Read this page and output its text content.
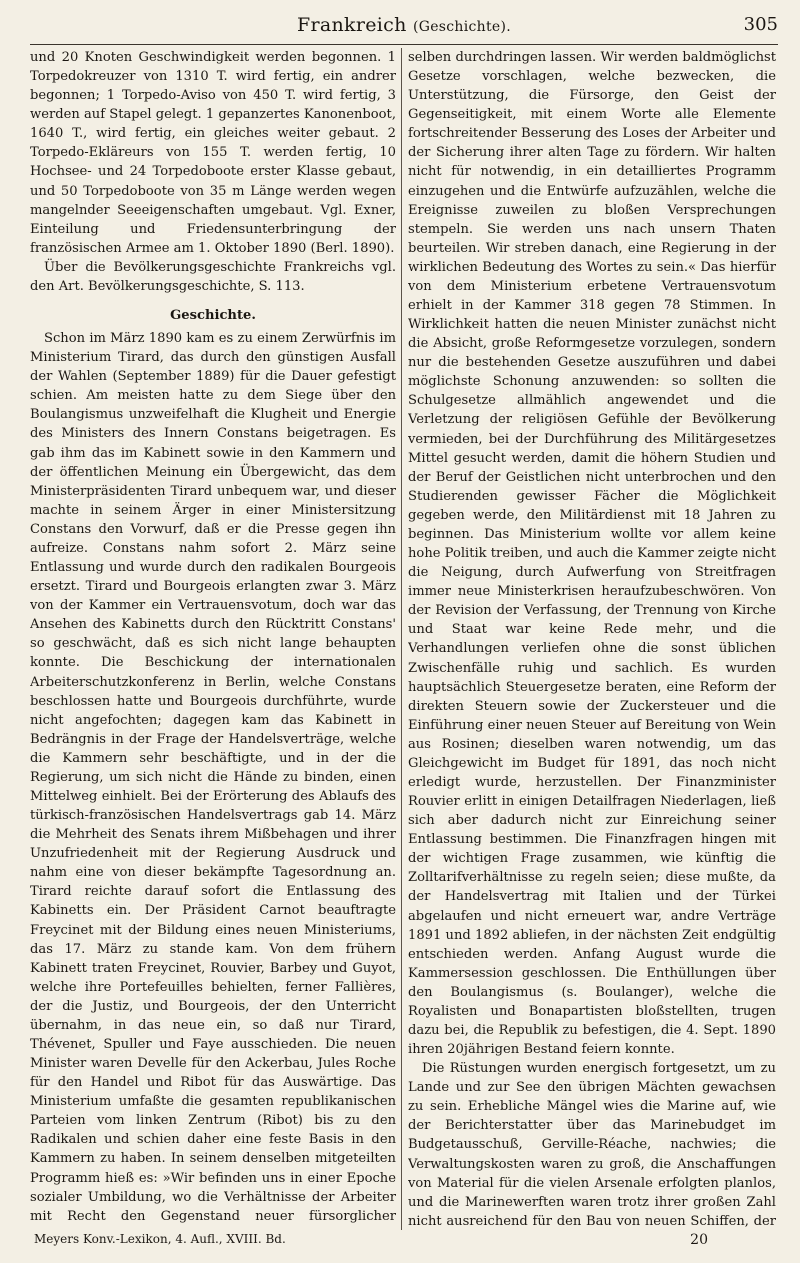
Frankreich (Geschichte).	305

und 20 Knoten Geschwindigkeit werden begonnen. 1 Torpedokreuzer von 1310 T. wird fertig, ein andrer begonnen; 1 Torpedo-Aviso von 450 T. wird fertig, 3 werden auf Stapel gelegt. 1 gepanzertes Kanonenboot, 1640 T., wird fertig, ein gleiches weiter gebaut. 2 Torpedo-Ekläreurs von 155 T. werden fertig, 10 Hochsee- und 24 Torpedoboote erster Klasse gebaut, und 50 Torpedoboote von 35 m Länge werden wegen mangelnder Seeeigenschaften umgebaut. Vgl. Exner, Einteilung und Friedensunterbringung der französischen Armee am 1. Oktober 1890 (Berl. 1890).

Über die Bevölkerungsgeschichte Frankreichs vgl. den Art. Bevölkerungsgeschichte, S. 113.

Geschichte.

Schon im März 1890 kam es zu einem Zerwürfnis im Ministerium Tirard, das durch den günstigen Ausfall der Wahlen (September 1889) für die Dauer gefestigt schien. Am meisten hatte zu dem Siege über den Boulangismus unzweifelhaft die Klugheit und Energie des Ministers des Innern Constans beigetragen. Es gab ihm das im Kabinett sowie in den Kammern und der öffentlichen Meinung ein Übergewicht, das dem Ministerpräsidenten Tirard unbequem war, und dieser machte in seinem Ärger in einer Ministersitzung Constans den Vorwurf, daß er die Presse gegen ihn aufreize. Constans nahm sofort 2. März seine Entlassung und wurde durch den radikalen Bourgeois ersetzt. Tirard und Bourgeois erlangten zwar 3. März von der Kammer ein Vertrauensvotum, doch war das Ansehen des Kabinetts durch den Rücktritt Constans' so geschwächt, daß es sich nicht lange behaupten konnte. Die Beschickung der internationalen Arbeiterschutzkonferenz in Berlin, welche Constans beschlossen hatte und Bourgeois durchführte, wurde nicht angefochten; dagegen kam das Kabinett in Bedrängnis in der Frage der Handelsverträge, welche die Kammern sehr beschäftigte, und in der die Regierung, um sich nicht die Hände zu binden, einen Mittelweg einhielt. Bei der Erörterung des Ablaufs des türkisch-französischen Handelsvertrags gab 14. März die Mehrheit des Senats ihrem Mißbehagen und ihrer Unzufriedenheit mit der Regierung Ausdruck und nahm eine von dieser bekämpfte Tagesordnung an. Tirard reichte darauf sofort die Entlassung des Kabinetts ein. Der Präsident Carnot beauftragte Freycinet mit der Bildung eines neuen Ministeriums, das 17. März zu stande kam. Von dem frühern Kabinett traten Freycinet, Rouvier, Barbey und Guyot, welche ihre Portefeuilles behielten, ferner Fallières, der die Justiz, und Bourgeois, der den Unterricht übernahm, in das neue ein, so daß nur Tirard, Thévenet, Spuller und Faye ausschieden. Die neuen Minister waren Develle für den Ackerbau, Jules Roche für den Handel und Ribot für das Auswärtige. Das Ministerium umfaßte die gesamten republikanischen Parteien vom linken Zentrum (Ribot) bis zu den Radikalen und schien daher eine feste Basis in den Kammern zu haben. In seinem denselben mitgeteilten Programm hieß es: »Wir befinden uns in einer Epoche sozialer Umbildung, wo die Verhältnisse der Arbeiter mit Recht den Gegenstand neuer fürsorglicher

selben durchdringen lassen. Wir werden baldmöglichst Gesetze vorschlagen, welche bezwecken, die Unterstützung, die Fürsorge, den Geist der Gegenseitigkeit, mit einem Worte alle Elemente fortschreitender Besserung des Loses der Arbeiter und der Sicherung ihrer alten Tage zu fördern. Wir halten nicht für notwendig, in ein detailliertes Programm einzugehen und die Entwürfe aufzuzählen, welche die Ereignisse zuweilen zu bloßen Versprechungen stempeln. Sie werden uns nach unsern Thaten beurteilen. Wir streben danach, eine Regierung in der wirklichen Bedeutung des Wortes zu sein.« Das hierfür von dem Ministerium erbetene Vertrauensvotum erhielt in der Kammer 318 gegen 78 Stimmen. In Wirklichkeit hatten die neuen Minister zunächst nicht die Absicht, große Reformgesetze vorzulegen, sondern nur die bestehenden Gesetze auszuführen und dabei möglichste Schonung anzuwenden: so sollten die Schulgesetze allmählich angewendet und die Verletzung der religiösen Gefühle der Bevölkerung vermieden, bei der Durchführung des Militärgesetzes Mittel gesucht werden, damit die höhern Studien und der Beruf der Geistlichen nicht unterbrochen und den Studierenden gewisser Fächer die Möglichkeit gegeben werde, den Militärdienst mit 18 Jahren zu beginnen. Das Ministerium wollte vor allem keine hohe Politik treiben, und auch die Kammer zeigte nicht die Neigung, durch Aufwerfung von Streitfragen immer neue Ministerkrisen heraufzubeschwören. Von der Revision der Verfassung, der Trennung von Kirche und Staat war keine Rede mehr, und die Verhandlungen verliefen ohne die sonst üblichen Zwischenfälle ruhig und sachlich. Es wurden hauptsächlich Steuergesetze beraten, eine Reform der direkten Steuern sowie der Zuckersteuer und die Einführung einer neuen Steuer auf Bereitung von Wein aus Rosinen; dieselben waren notwendig, um das Gleichgewicht im Budget für 1891, das noch nicht erledigt wurde, herzustellen. Der Finanzminister Rouvier erlitt in einigen Detailfragen Niederlagen, ließ sich aber dadurch nicht zur Einreichung seiner Entlassung bestimmen. Die Finanzfragen hingen mit der wichtigen Frage zusammen, wie künftig die Zolltarifverhältnisse zu regeln seien; diese mußte, da der Handelsvertrag mit Italien und der Türkei abgelaufen und nicht erneuert war, andre Verträge 1891 und 1892 abliefen, in der nächsten Zeit endgültig entschieden werden. Anfang August wurde die Kammersession geschlossen. Die Enthüllungen über den Boulangismus (s. Boulanger), welche die Royalisten und Bonapartisten bloßstellten, trugen dazu bei, die Republik zu befestigen, die 4. Sept. 1890 ihren 20jährigen Bestand feiern konnte.

Die Rüstungen wurden energisch fortgesetzt, um zu Lande und zur See den übrigen Mächten gewachsen zu sein. Erhebliche Mängel wies die Marine auf, wie der Berichterstatter über das Marinebudget im Budgetausschuß, Gerville-Réache, nachwies; die Verwaltungskosten waren zu groß, die Anschaffungen von Material für die vielen Arsenale erfolgten planlos, und die Marinewerften waren trotz ihrer großen Zahl nicht ausreichend für den Bau von neuen Schiffen, der

Meyers Konv.-Lexikon, 4. Aufl., XVIII. Bd.	20
